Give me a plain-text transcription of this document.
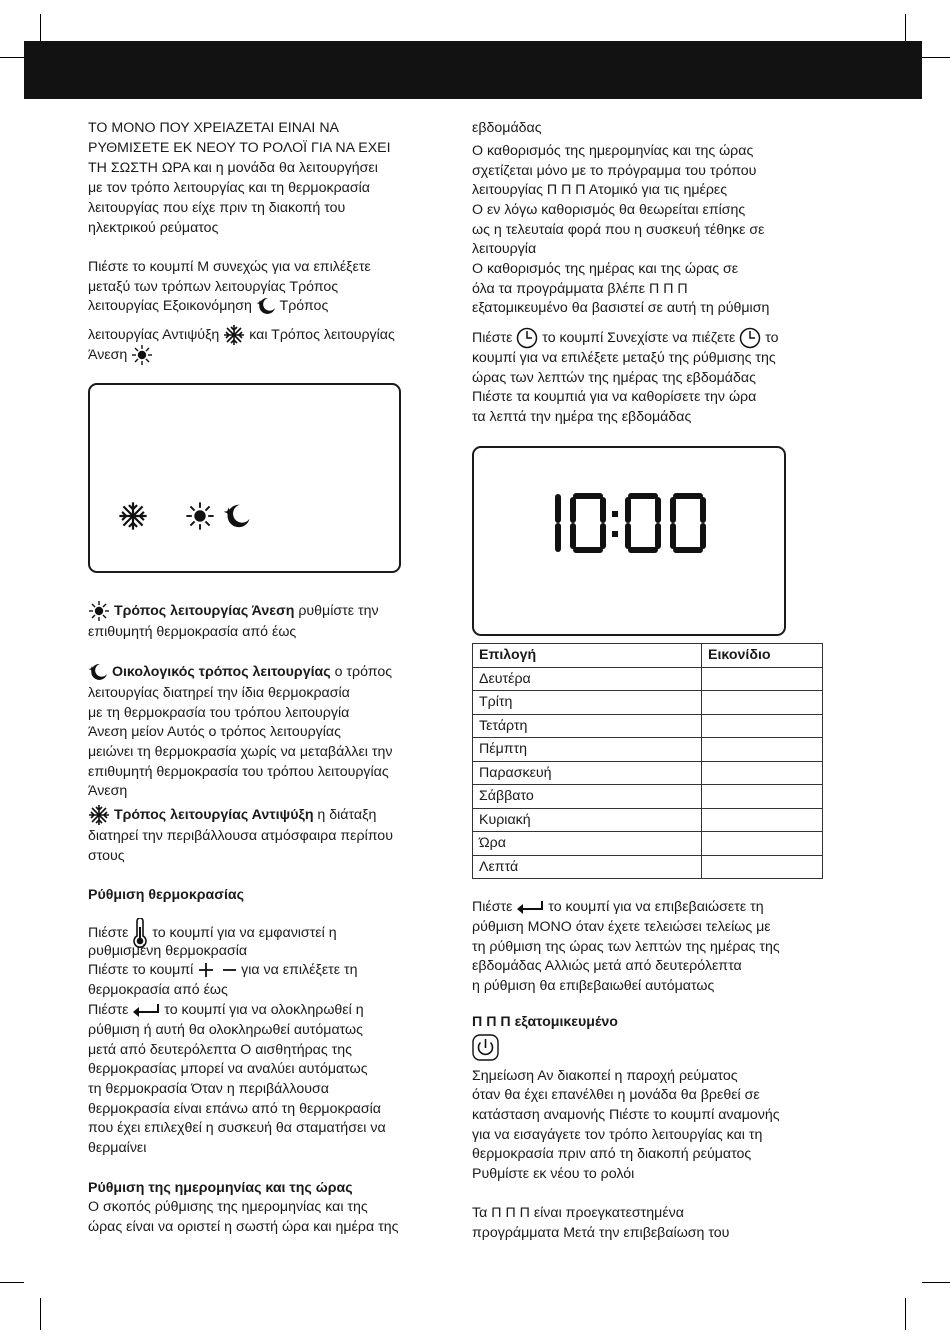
ΤΟ ΜΟΝΟ ΠΟΥ ΧΡΕΙΑΖΕΤΑΙ ΕΙΝΑΙ ΝΑ
ΡΥΘΜΙΣΕΤΕ ΕΚ ΝΕΟΥ ΤΟ ΡΟΛΟΪ ΓΙΑ ΝΑ ΕΧΕΙ
ΤΗ ΣΩΣΤΗ ΩΡΑ και η μονάδα θα λειτουργήσει
με τον τρόπο λειτουργίας και τη θερμοκρασία
λειτουργίας που είχε πριν τη διακοπή του
ηλεκτρικού ρεύματος
Πιέστε το κουμπί M συνεχώς για να επιλέξετε
μεταξύ των τρόπων λειτουργίας Τρόπος
λειτουργίας Εξοικονόμηση
Τρόπος
λειτουργίας Αντιψύξη
και Τρόπος λειτουργίας
Άνεση
Τρόπος λειτουργίας Άνεση ρυθμίστε την
επιθυμητή θερμοκρασία από έως
Οικολογικός τρόπος λειτουργίας ο τρόπος
λειτουργίας διατηρεί την ίδια θερμοκρασία
με τη θερμοκρασία του τρόπου λειτουργία
Άνεση μείον Αυτός ο τρόπος λειτουργίας
μειώνει τη θερμοκρασία χωρίς να μεταβάλλει την
επιθυμητή θερμοκρασία του τρόπου λειτουργίας
Άνεση
Τρόπος λειτουργίας Αντιψύξη η διάταξη
διατηρεί την περιβάλλουσα ατμόσφαιρα περίπου
στους
Ρύθμιση θερμοκρασίας
Πιέστε
το κουμπί για να εμφανιστεί η
ρυθμισμένη θερμοκρασία
Πιέστε το κουμπί	για να επιλέξετε τη
θερμοκρασία από έως
Πιέστε
το κουμπί για να ολοκληρωθεί η
ρύθμιση ή αυτή θα ολοκληρωθεί αυτόματως
μετά από δευτερόλεπτα Ο αισθητήρας της
θερμοκρασίας μπορεί να αναλύει αυτόματως
τη θερμοκρασία Όταν η περιβάλλουσα
θερμοκρασία είναι επάνω από τη θερμοκρασία
που έχει επιλεχθεί η συσκευή θα σταματήσει να
θερμαίνει
Ρύθμιση της ημερομηνίας και της ώρας
Ο σκοπός ρύθμισης της ημερομηνίας και της
ώρας είναι να οριστεί η σωστή ώρα και ημέρα της
εβδομάδας
Ο καθορισμός της ημερομηνίας και της ώρας
σχετίζεται μόνο με το πρόγραμμα του τρόπου
λειτουργίας Π Π Π Ατομικό για τις ημέρες
Ο εν λόγω καθορισμός θα θεωρείται επίσης
ως η τελευταία φορά που η συσκευή τέθηκε σε
λειτουργία
Ο καθορισμός της ημέρας και της ώρας σε
όλα τα προγράμματα βλέπε Π Π Π
εξατομικευμένο θα βασιστεί σε αυτή τη ρύθμιση
Πιέστε
το κουμπί Συνεχίστε να πιέζετε
το
κουμπί για να επιλέξετε μεταξύ της ρύθμισης της
ώρας των λεπτών της ημέρας της εβδομάδας
Πιέστε τα κουμπιά για να καθορίσετε την ώρα
τα λεπτά την ημέρα της εβδομάδας
10:00
Επιλογή	Εικονίδιο
Δευτέρα	
Τρίτη	
Τετάρτη	
Πέμπτη	
Παρασκευή	
Σάββατο	
Κυριακή	
Ώρα	
Λεπτά	
Πιέστε
το κουμπί για να επιβεβαιώσετε τη
ρύθμιση ΜΟΝΟ όταν έχετε τελειώσει τελείως με
τη ρύθμιση της ώρας των λεπτών της ημέρας της
εβδομάδας Αλλιώς μετά από δευτερόλεπτα
η ρύθμιση θα επιβεβαιωθεί αυτόματως
Π Π Π εξατομικευμένο
Σημείωση Αν διακοπεί η παροχή ρεύματος
όταν θα έχει επανέλθει η μονάδα θα βρεθεί σε
κατάσταση αναμονής Πιέστε το κουμπί αναμονής
για να εισαγάγετε τον τρόπο λειτουργίας και τη
θερμοκρασία πριν από τη διακοπή ρεύματος
Ρυθμίστε εκ νέου το ρολόι
Τα Π Π Π είναι προεγκατεστημένα
προγράμματα Μετά την επιβεβαίωση του
